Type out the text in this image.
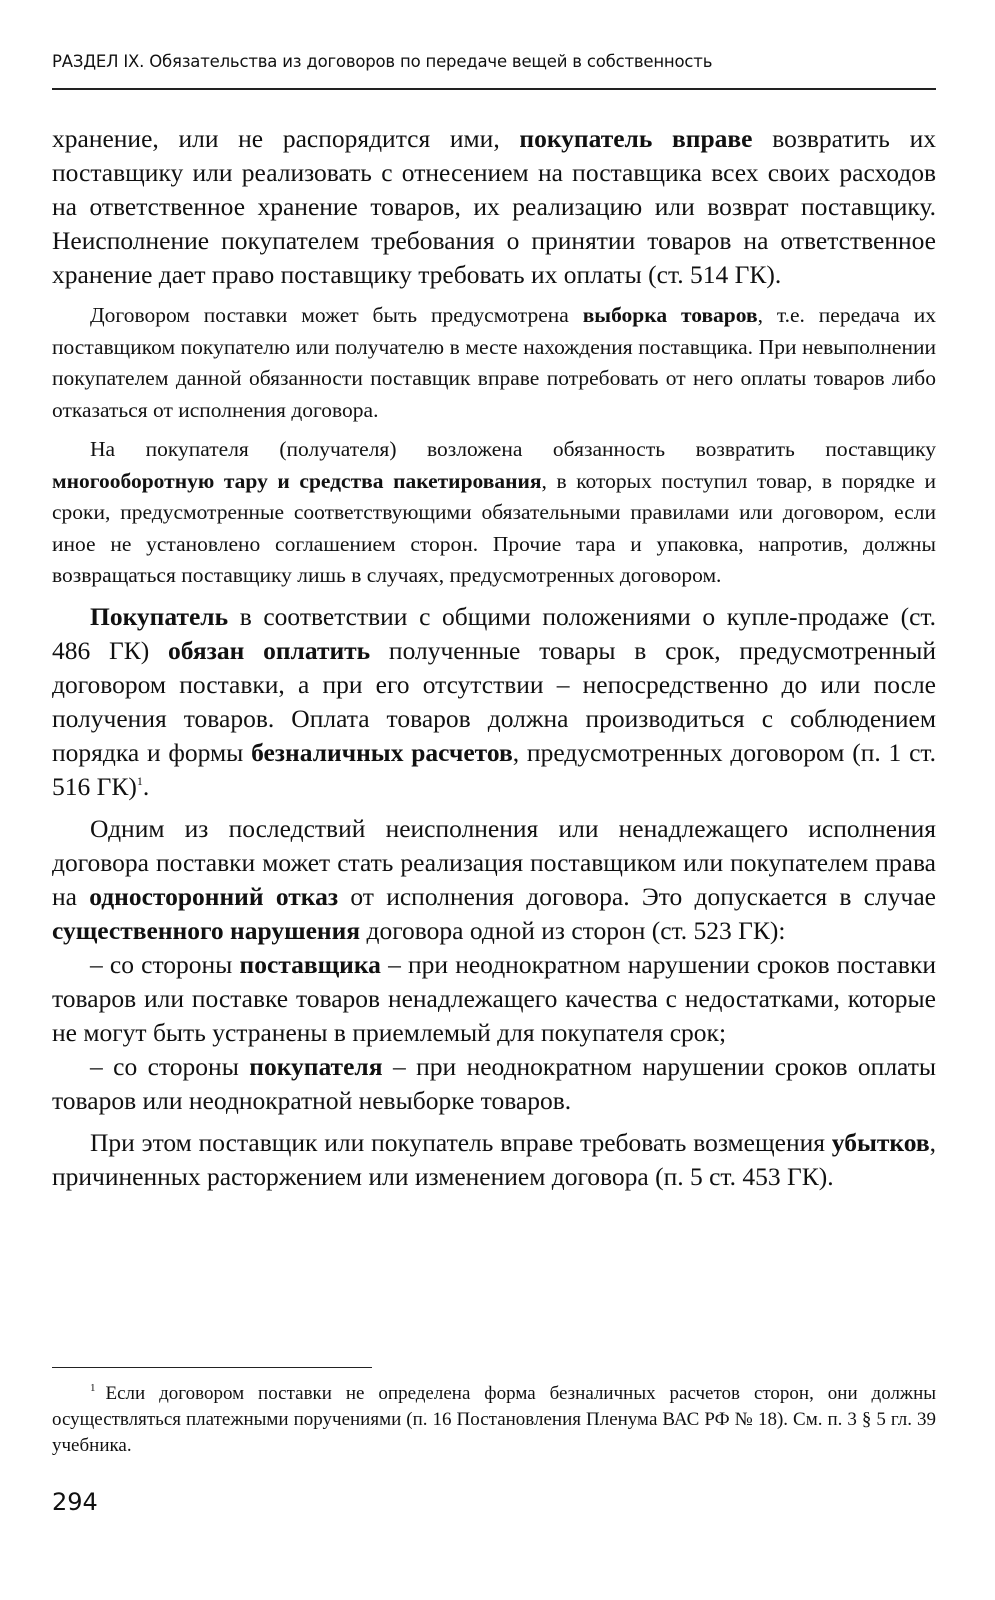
РАЗДЕЛ IX. Обязательства из договоров по передаче вещей в собственность

хранение, или не распорядится ими, покупатель вправе возвратить их поставщику или реализовать с отнесением на поставщика всех своих расходов на ответственное хранение товаров, их реализацию или возврат поставщику. Неисполнение покупателем требования о принятии товаров на ответственное хранение дает право поставщику требовать их оплаты (ст. 514 ГК).

Договором поставки может быть предусмотрена выборка товаров, т.е. передача их поставщиком покупателю или получателю в месте нахождения поставщика. При невыполнении покупателем данной обязанности поставщик вправе потребовать от него оплаты товаров либо отказаться от исполнения договора.

На покупателя (получателя) возложена обязанность возвратить поставщику многооборотную тару и средства пакетирования, в которых поступил товар, в порядке и сроки, предусмотренные соответствующими обязательными правилами или договором, если иное не установлено соглашением сторон. Прочие тара и упаковка, напротив, должны возвращаться поставщику лишь в случаях, предусмотренных договором.

Покупатель в соответствии с общими положениями о купле-продаже (ст. 486 ГК) обязан оплатить полученные товары в срок, предусмотренный договором поставки, а при его отсутствии – непосредственно до или после получения товаров. Оплата товаров должна производиться с соблюдением порядка и формы безналичных расчетов, предусмотренных договором (п. 1 ст. 516 ГК)$^1$.

Одним из последствий неисполнения или ненадлежащего исполнения договора поставки может стать реализация поставщиком или покупателем права на односторонний отказ от исполнения договора. Это допускается в случае существенного нарушения договора одной из сторон (ст. 523 ГК):

– со стороны поставщика – при неоднократном нарушении сроков поставки товаров или поставке товаров ненадлежащего качества с недостатками, которые не могут быть устранены в приемлемый для покупателя срок;

– со стороны покупателя – при неоднократном нарушении сроков оплаты товаров или неоднократной невыборке товаров.

При этом поставщик или покупатель вправе требовать возмещения убытков, причиненных расторжением или изменением договора (п. 5 ст. 453 ГК).

$^1$ Если договором поставки не определена форма безналичных расчетов сторон, они должны осуществляться платежными поручениями (п. 16 Постановления Пленума ВАС РФ № 18). См. п. 3 § 5 гл. 39 учебника.
294
